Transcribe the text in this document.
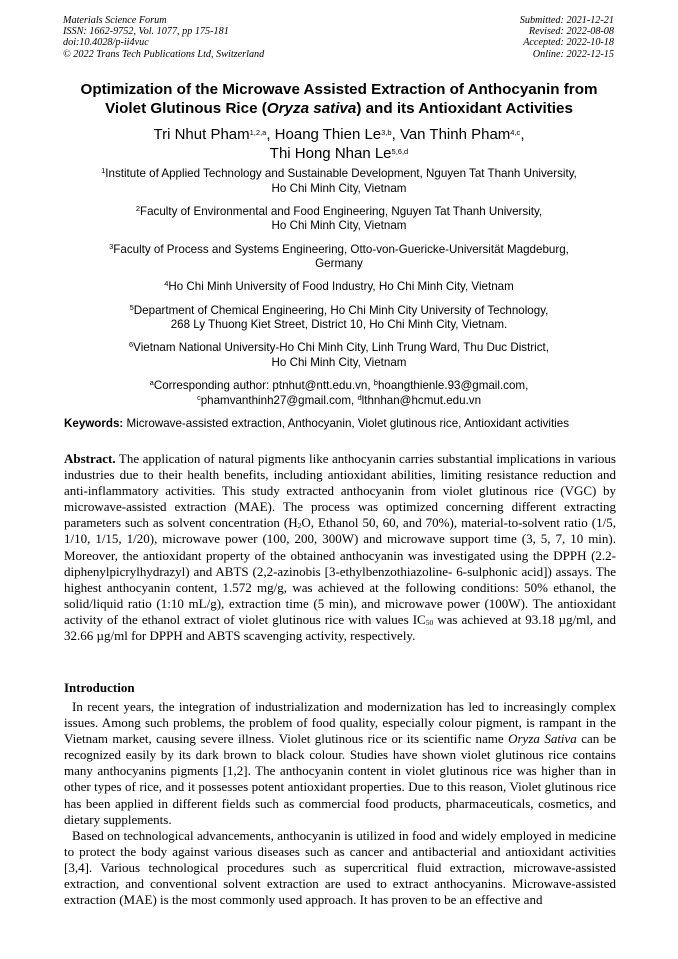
Materials Science Forum
ISSN: 1662-9752, Vol. 1077, pp 175-181
doi:10.4028/p-ii4vuc
© 2022 Trans Tech Publications Ltd, Switzerland
Submitted: 2021-12-21
Revised: 2022-08-08
Accepted: 2022-10-18
Online: 2022-12-15
Optimization of the Microwave Assisted Extraction of Anthocyanin from
Violet Glutinous Rice (Oryza sativa) and its Antioxidant Activities
Tri Nhut Pham$^{1,2,a}$, Hoang Thien Le$^{3,b}$, Van Thinh Pham$^{4,c}$,
Thi Hong Nhan Le$^{5,6,d}$
$^1$Institute of Applied Technology and Sustainable Development, Nguyen Tat Thanh University,
Ho Chi Minh City, Vietnam
$^2$Faculty of Environmental and Food Engineering, Nguyen Tat Thanh University,
Ho Chi Minh City, Vietnam
$^3$Faculty of Process and Systems Engineering, Otto-von-Guericke-Universität Magdeburg,
Germany
$^4$Ho Chi Minh University of Food Industry, Ho Chi Minh City, Vietnam
$^5$Department of Chemical Engineering, Ho Chi Minh City University of Technology,
268 Ly Thuong Kiet Street, District 10, Ho Chi Minh City, Vietnam.
$^6$Vietnam National University-Ho Chi Minh City, Linh Trung Ward, Thu Duc District,
Ho Chi Minh City, Vietnam
$^a$Corresponding author: ptnhut@ntt.edu.vn, $^b$hoangthienle.93@gmail.com,
$^c$phamvanthinh27@gmail.com, $^d$lthnhan@hcmut.edu.vn
Keywords: Microwave-assisted extraction, Anthocyanin, Violet glutinous rice, Antioxidant activities
Abstract. The application of natural pigments like anthocyanin carries substantial implications in various industries due to their health benefits, including antioxidant abilities, limiting resistance reduction and anti-inflammatory activities. This study extracted anthocyanin from violet glutinous rice (VGC) by microwave-assisted extraction (MAE). The process was optimized concerning different extracting parameters such as solvent concentration ($H_2O$, Ethanol 50, 60, and 70%), material-to-solvent ratio (1/5, 1/10, 1/15, 1/20), microwave power (100, 200, 300W) and microwave support time (3, 5, 7, 10 min). Moreover, the antioxidant property of the obtained anthocyanin was investigated using the DPPH (2.2-diphenylpicrylhydrazyl) and ABTS (2,2-azinobis [3-ethylbenzothiazoline- 6-sulphonic acid]) assays. The highest anthocyanin content, 1.572 mg/g, was achieved at the following conditions: 50% ethanol, the solid/liquid ratio (1:10 mL/g), extraction time (5 min), and microwave power (100W). The antioxidant activity of the ethanol extract of violet glutinous rice with values $IC_{50}$ was achieved at 93.18 µg/ml, and 32.66 µg/ml for DPPH and ABTS scavenging activity, respectively.
Introduction

In recent years, the integration of industrialization and modernization has led to increasingly complex issues. Among such problems, the problem of food quality, especially colour pigment, is rampant in the Vietnam market, causing severe illness. Violet glutinous rice or its scientific name Oryza Sativa can be recognized easily by its dark brown to black colour. Studies have shown violet glutinous rice contains many anthocyanins pigments [1,2]. The anthocyanin content in violet glutinous rice was higher than in other types of rice, and it possesses potent antioxidant properties. Due to this reason, Violet glutinous rice has been applied in different fields such as commercial food products, pharmaceuticals, cosmetics, and dietary supplements.

Based on technological advancements, anthocyanin is utilized in food and widely employed in medicine to protect the body against various diseases such as cancer and antibacterial and antioxidant activities [3,4]. Various technological procedures such as supercritical fluid extraction, microwave-assisted extraction, and conventional solvent extraction are used to extract anthocyanins. Microwave-assisted extraction (MAE) is the most commonly used approach. It has proven to be an effective and
